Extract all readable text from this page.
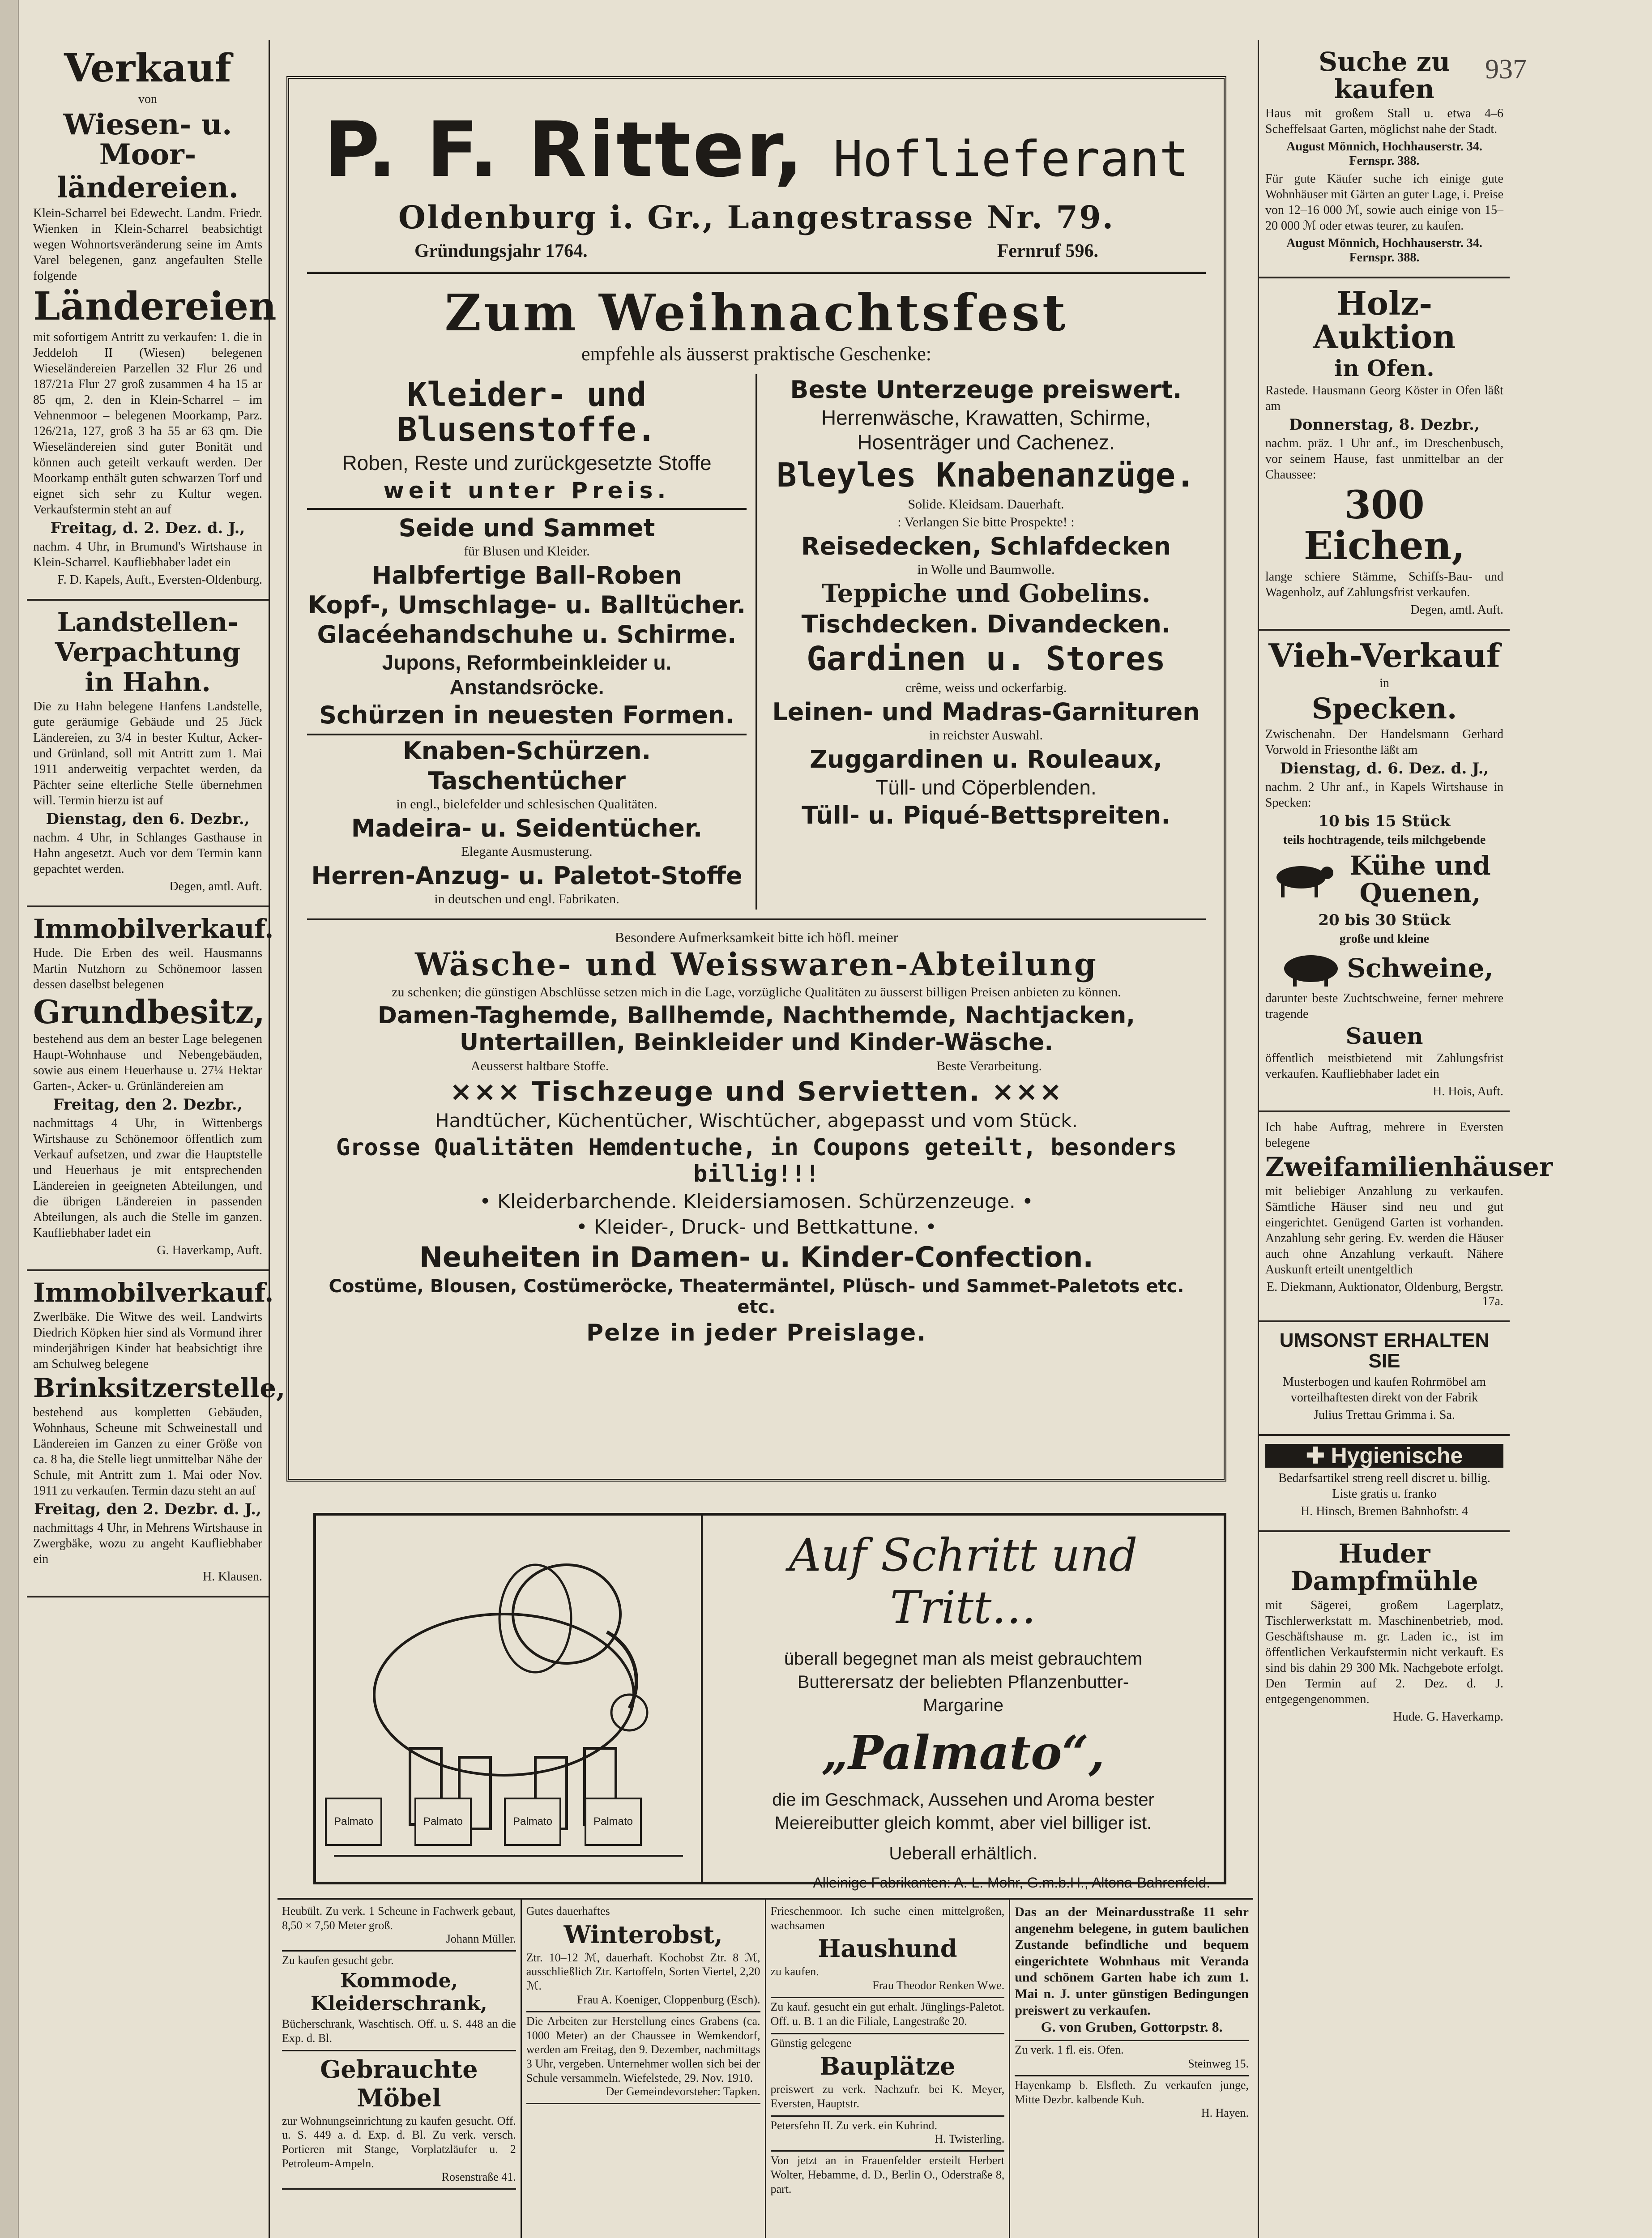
937
Verkauf
von
Wiesen- u. Moor-
ländereien.
Klein-Scharrel bei Edewecht. Landm. Friedr. Wienken in Klein-Scharrel beabsichtigt wegen Wohnortsveränderung seine im Amts Varel belegenen, ganz angefaulten Stelle folgende
Ländereien
mit sofortigem Antritt zu verkaufen: 1. die in Jeddeloh II (Wiesen) belegenen Wieseländereien Parzellen 32 Flur 26 und 187/21a Flur 27 groß zusammen 4 ha 15 ar 85 qm, 2. den in Klein-Scharrel – im Vehnenmoor – belegenen Moorkamp, Parz. 126/21a, 127, groß 3 ha 55 ar 63 qm. Die Wieseländereien sind guter Bonität und können auch geteilt verkauft werden. Der Moorkamp enthält guten schwarzen Torf und eignet sich sehr zu Kultur wegen. Verkaufstermin steht an auf
Freitag, d. 2. Dez. d. J.,
nachm. 4 Uhr, in Brumund's Wirtshause in Klein-Scharrel. Kaufliebhaber ladet ein
F. D. Kapels, Auft., Eversten-Oldenburg.
Landstellen-
Verpachtung
in Hahn.
Die zu Hahn belegene Hanfens Landstelle, gute geräumige Gebäude und 25 Jück Ländereien, zu 3/4 in bester Kultur, Acker- und Grünland, soll mit Antritt zum 1. Mai 1911 anderweitig verpachtet werden, da Pächter seine elterliche Stelle übernehmen will. Termin hierzu ist auf
Dienstag, den 6. Dezbr.,
nachm. 4 Uhr, in Schlanges Gasthause in Hahn angesetzt. Auch vor dem Termin kann gepachtet werden.
Degen, amtl. Auft.
Immobilverkauf.
Hude. Die Erben des weil. Hausmanns Martin Nutzhorn zu Schönemoor lassen dessen daselbst belegenen
Grundbesitz,
bestehend aus dem an bester Lage belegenen Haupt-Wohnhause und Nebengebäuden, sowie aus einem Heuerhause u. 27¼ Hektar Garten-, Acker- u. Grünländereien am
Freitag, den 2. Dezbr.,
nachmittags 4 Uhr, in Wittenbergs Wirtshause zu Schönemoor öffentlich zum Verkauf aufsetzen, und zwar die Hauptstelle und Heuerhaus je mit entsprechenden Ländereien in geeigneten Abteilungen, und die übrigen Ländereien in passenden Abteilungen, als auch die Stelle im ganzen. Kaufliebhaber ladet ein
G. Haverkamp, Auft.
Immobilverkauf.
Zwerlbäke. Die Witwe des weil. Landwirts Diedrich Köpken hier sind als Vormund ihrer minderjährigen Kinder hat beabsichtigt ihre am Schulweg belegene
Brinksitzerstelle,
bestehend aus kompletten Gebäuden, Wohnhaus, Scheune mit Schweinestall und Ländereien im Ganzen zu einer Größe von ca. 8 ha, die Stelle liegt unmittelbar Nähe der Schule, mit Antritt zum 1. Mai oder Nov. 1911 zu verkaufen. Termin dazu steht an auf
Freitag, den 2. Dezbr. d. J.,
nachmittags 4 Uhr, in Mehrens Wirtshause in Zwergbäke, wozu zu angeht Kaufliebhaber ein
H. Klausen.
P. F. Ritter, Hoflieferant
Oldenburg i. Gr., Langestrasse Nr. 79.
Gründungsjahr 1764.	Fernruf 596.
Zum Weihnachtsfest
empfehle als äusserst praktische Geschenke:
Kleider- und Blusenstoffe.
Roben, Reste und zurückgesetzte Stoffe
weit unter Preis.
Seide und Sammet
für Blusen und Kleider.
Halbfertige Ball-Roben
Kopf-, Umschlage- u. Balltücher.
Glacéehandschuhe u. Schirme.
Jupons, Reformbeinkleider u. Anstandsröcke.
Schürzen in neuesten Formen.
Knaben-Schürzen.
Taschentücher
in engl., bielefelder und schlesischen Qualitäten.
Madeira- u. Seidentücher.
Elegante Ausmusterung.
Herren-Anzug- u. Paletot-Stoffe
in deutschen und engl. Fabrikaten.
Beste Unterzeuge preiswert.
Herrenwäsche, Krawatten, Schirme, Hosenträger und Cachenez.
Bleyles Knabenanzüge.
Solide. Kleidsam. Dauerhaft.
: Verlangen Sie bitte Prospekte! :
Reisedecken, Schlafdecken
in Wolle und Baumwolle.
Teppiche und Gobelins.
Tischdecken. Divandecken.
Gardinen u. Stores
crême, weiss und ockerfarbig.
Leinen- und Madras-Garnituren
in reichster Auswahl.
Zuggardinen u. Rouleaux,
Tüll- und Cöperblenden.
Tüll- u. Piqué-Bettspreiten.
Besondere Aufmerksamkeit bitte ich höfl. meiner
Wäsche- und Weisswaren-Abteilung
zu schenken; die günstigen Abschlüsse setzen mich in die Lage, vorzügliche Qualitäten zu äusserst billigen Preisen anbieten zu können.
Damen-Taghemde, Ballhemde, Nachthemde, Nachtjacken, Untertaillen, Beinkleider und Kinder-Wäsche.
Aeusserst haltbare Stoffe.	Beste Verarbeitung.
××× Tischzeuge und Servietten. ×××
Handtücher, Küchentücher, Wischtücher, abgepasst und vom Stück.
Grosse Qualitäten Hemdentuche, in Coupons geteilt, besonders billig!!!
• Kleiderbarchende. Kleidersiamosen. Schürzenzeuge. •
• Kleider-, Druck- und Bettkattune. •
Neuheiten in Damen- u. Kinder-Confection.
Costüme, Blousen, Costümeröcke, Theatermäntel, Plüsch- und Sammet-Paletots etc. etc.
Pelze in jeder Preislage.
Palmato	Palmato	Palmato	Palmato
Auf Schritt und Tritt…
überall begegnet man als meist gebrauchtem
Butterersatz der beliebten Pflanzenbutter-
Margarine
„Palmato“,
die im Geschmack, Aussehen und Aroma bester
Meiereibutter gleich kommt, aber viel billiger ist.
Ueberall erhältlich.
Alleinige Fabrikanten: A. L. Mohr, G.m.b.H., Altona-Bahrenfeld.
Heubült. Zu verk. 1 Scheune in Fachwerk gebaut, 8,50 × 7,50 Meter groß.
Johann Müller.
Zu kaufen gesucht gebr.
Kommode, Kleiderschrank,
Bücherschrank, Waschtisch. Off. u. S. 448 an die Exp. d. Bl.
Gebrauchte Möbel
zur Wohnungseinrichtung zu kaufen gesucht. Off. u. S. 449 a. d. Exp. d. Bl. Zu verk. versch. Portieren mit Stange, Vorplatzläufer u. 2 Petroleum-Ampeln.
Rosenstraße 41.
Gutes dauerhaftes
Winterobst,
Ztr. 10–12 ℳ, dauerhaft. Kochobst Ztr. 8 ℳ, ausschließlich Ztr. Kartoffeln, Sorten Viertel, 2,20 ℳ.
Frau A. Koeniger, Cloppenburg (Esch).
Die Arbeiten zur Herstellung eines Grabens (ca. 1000 Meter) an der Chaussee in Wemkendorf, werden am Freitag, den 9. Dezember, nachmittags 3 Uhr, vergeben. Unternehmer wollen sich bei der Schule versammeln. Wiefelstede, 29. Nov. 1910.
Der Gemeindevorsteher: Tapken.
Frieschenmoor. Ich suche einen mittelgroßen, wachsamen
Haushund
zu kaufen.
Frau Theodor Renken Wwe.
Zu kauf. gesucht ein gut erhalt. Jünglings-Paletot. Off. u. B. 1 an die Filiale, Langestraße 20.
Günstig gelegene
Bauplätze
preiswert zu verk. Nachzufr. bei K. Meyer, Eversten, Hauptstr.
Petersfehn II. Zu verk. ein Kuhrind.
H. Twisterling.
Von jetzt an in Frauenfelder ersteilt Herbert Wolter, Hebamme, d. D., Berlin O., Oderstraße 8, part.
Das an der Meinardusstraße 11 sehr angenehm belegene, in gutem baulichen Zustande befindliche und bequem eingerichtete Wohnhaus mit Veranda und schönem Garten habe ich zum 1. Mai n. J. unter günstigen Bedingungen preiswert zu verkaufen.
G. von Gruben, Gottorpstr. 8.
Zu verk. 1 fl. eis. Ofen.
Steinweg 15.
Hayenkamp b. Elsfleth. Zu verkaufen junge, Mitte Dezbr. kalbende Kuh.
H. Hayen.
Suche zu kaufen
Haus mit großem Stall u. etwa 4–6 Scheffelsaat Garten, möglichst nahe der Stadt.
August Mönnich, Hochhauserstr. 34. Fernspr. 388.
Für gute Käufer suche ich einige gute Wohnhäuser mit Gärten an guter Lage, i. Preise von 12–16 000 ℳ, sowie auch einige von 15–20 000 ℳ oder etwas teurer, zu kaufen.
August Mönnich, Hochhauserstr. 34. Fernspr. 388.
Holz-Auktion
in Ofen.
Rastede. Hausmann Georg Köster in Ofen läßt am
Donnerstag, 8. Dezbr.,
nachm. präz. 1 Uhr anf., im Dreschenbusch, vor seinem Hause, fast unmittelbar an der Chaussee:
300 Eichen,
lange schiere Stämme, Schiffs-Bau- und Wagenholz, auf Zahlungsfrist verkaufen.
Degen, amtl. Auft.
Vieh-Verkauf
in
Specken.
Zwischenahn. Der Handelsmann Gerhard Vorwold in Friesonthe läßt am
Dienstag, d. 6. Dez. d. J.,
nachm. 2 Uhr anf., in Kapels Wirtshause in Specken:
10 bis 15 Stück
teils hochtragende, teils milchgebende
Kühe und Quenen,
20 bis 30 Stück
große und kleine
Schweine,
darunter beste Zuchtschweine, ferner mehrere tragende
Sauen
öffentlich meistbietend mit Zahlungsfrist verkaufen. Kaufliebhaber ladet ein
H. Hois, Auft.
Ich habe Auftrag, mehrere in Eversten belegene
Zweifamilienhäuser
mit beliebiger Anzahlung zu verkaufen. Sämtliche Häuser sind neu und gut eingerichtet. Genügend Garten ist vorhanden. Anzahlung sehr gering. Ev. werden die Häuser auch ohne Anzahlung verkauft. Nähere Auskunft erteilt unentgeltlich
E. Diekmann, Auktionator, Oldenburg, Bergstr. 17a.
UMSONST ERHALTEN SIE
Musterbogen und kaufen Rohrmöbel am vorteilhaftesten direkt von der Fabrik
Julius Trettau Grimma i. Sa.
✚ Hygienische
Bedarfsartikel streng reell discret u. billig. Liste gratis u. franko
H. Hinsch, Bremen Bahnhofstr. 4
Huder Dampfmühle
mit Sägerei, großem Lagerplatz, Tischlerwerkstatt m. Maschinenbetrieb, mod. Geschäftshause m. gr. Laden ic., ist im öffentlichen Verkaufstermin nicht verkauft. Es sind bis dahin 29 300 Mk. Nachgebote erfolgt. Den Termin auf 2. Dez. d. J. entgegengenommen.
Hude. G. Haverkamp.
